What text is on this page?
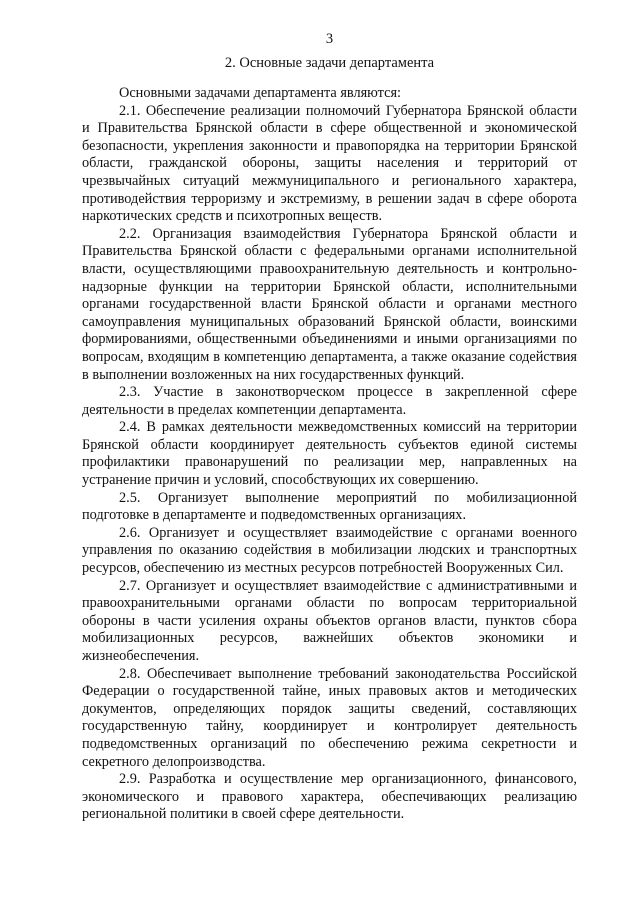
3
2. Основные задачи департамента

Основными задачами департамента являются:

2.1. Обеспечение реализации полномочий Губернатора Брянской области и Правительства Брянской области в сфере общественной и экономической безопасности, укрепления законности и правопорядка на территории Брянской области, гражданской обороны, защиты населения и территорий от чрезвычайных ситуаций межмуниципального и регионального характера, противодействия терроризму и экстремизму, в решении задач в сфере оборота наркотических средств и психотропных веществ.

2.2. Организация взаимодействия Губернатора Брянской области и Правительства Брянской области с федеральными органами исполнительной власти, осуществляющими правоохранительную деятельность и контрольно-надзорные функции на территории Брянской области, исполнительными органами государственной власти Брянской области и органами местного самоуправления муниципальных образований Брянской области, воинскими формированиями, общественными объединениями и иными организациями по вопросам, входящим в компетенцию департамента, а также оказание содействия в выполнении возложенных на них государственных функций.

2.3. Участие в законотворческом процессе в закрепленной сфере деятельности в пределах компетенции департамента.

2.4. В рамках деятельности межведомственных комиссий на территории Брянской области координирует деятельность субъектов единой системы профилактики правонарушений по реализации мер, направленных на устранение причин и условий, способствующих их совершению.

2.5. Организует выполнение мероприятий по мобилизационной подготовке в департаменте и подведомственных организациях.

2.6. Организует и осуществляет взаимодействие с органами военного управления по оказанию содействия в мобилизации людских и транспортных ресурсов, обеспечению из местных ресурсов потребностей Вооруженных Сил.

2.7. Организует и осуществляет взаимодействие с административными и правоохранительными органами области по вопросам территориальной обороны в части усиления охраны объектов органов власти, пунктов сбора мобилизационных ресурсов, важнейших объектов экономики и жизнеобеспечения.

2.8. Обеспечивает выполнение требований законодательства Российской Федерации о государственной тайне, иных правовых актов и методических документов, определяющих порядок защиты сведений, составляющих государственную тайну, координирует и контролирует деятельность подведомственных организаций по обеспечению режима секретности и секретного делопроизводства.

2.9. Разработка и осуществление мер организационного, финансового, экономического и правового характера, обеспечивающих реализацию региональной политики в своей сфере деятельности.
